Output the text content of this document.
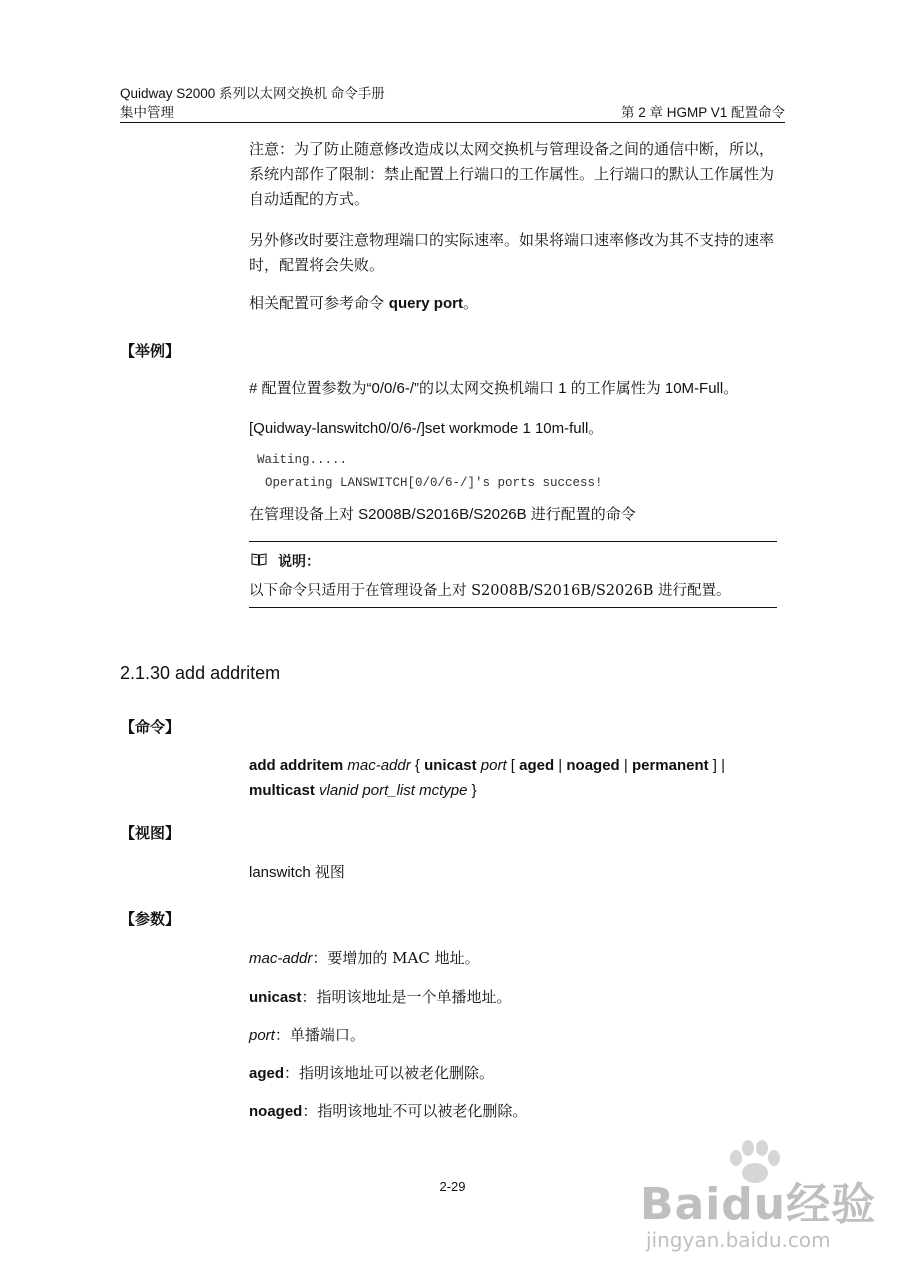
Quidway S2000 系列以太网交换机 命令手册
集中管理	第 2 章 HGMP V1 配置命令
注意：为了防止随意修改造成以太网交换机与管理设备之间的通信中断，所以，系统内部作了限制：禁止配置上行端口的工作属性。上行端口的默认工作属性为自动适配的方式。
另外修改时要注意物理端口的实际速率。如果将端口速率修改为其不支持的速率时，配置将会失败。
相关配置可参考命令 query port。
【举例】
# 配置位置参数为“0/0/6-/”的以太网交换机端口 1 的工作属性为 10M-Full。
[Quidway-lanswitch0/0/6-/]set workmode 1 10m-full。
Waiting.....
Operating LANSWITCH[0/0/6-/]'s ports success!
在管理设备上对 S2008B/S2016B/S2026B 进行配置的命令
说明：
以下命令只适用于在管理设备上对 S2008B/S2016B/S2026B 进行配置。
2.1.30 add addritem
【命令】
add addritem mac-addr { unicast port [ aged | noaged | permanent ] |
multicast vlanid port_list mctype }
【视图】
lanswitch 视图
【参数】
mac-addr：要增加的 MAC 地址。
unicast：指明该地址是一个单播地址。
port：单播端口。
aged：指明该地址可以被老化删除。
noaged：指明该地址不可以被老化删除。
2-29	Baidu经验
jingyan.baidu.com
